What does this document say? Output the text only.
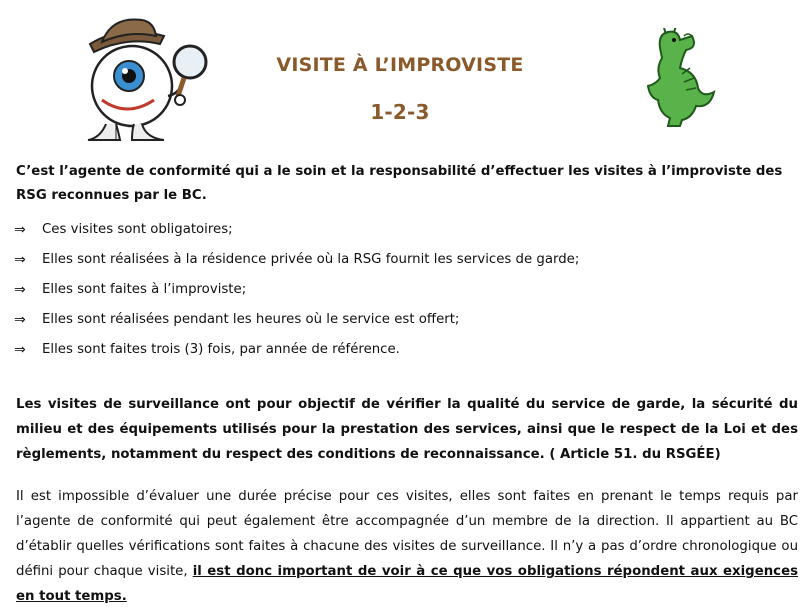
VISITE À L’IMPROVISTE
1-2-3
C’est l’agente de conformité qui a le soin et la responsabilité d’effectuer les visites à l’improviste des RSG reconnues par le BC.
⇒	Ces visites sont obligatoires;
⇒	Elles sont réalisées à la résidence privée où la RSG fournit les services de garde;
⇒	Elles sont faites à l’improviste;
⇒	Elles sont réalisées pendant les heures où le service est offert;
⇒	Elles sont faites trois (3) fois, par année de référence.
Les visites de surveillance ont pour objectif de vérifier la qualité du service de garde, la sécurité du milieu et des équipements utilisés pour la prestation des services, ainsi que le respect de la Loi et des règlements, notamment du respect des conditions de reconnaissance. ( Article 51. du RSGÉE)
Il est impossible d’évaluer une durée précise pour ces visites, elles sont faites en prenant le temps requis par l’agente de conformité qui peut également être accompagnée d’un membre de la direction. Il appartient au BC d’établir quelles vérifications sont faites à chacune des visites de surveillance. Il n’y a pas d’ordre chronologique ou défini pour chaque visite, il est donc important de voir à ce que vos obligations répondent aux exigences en tout temps.
